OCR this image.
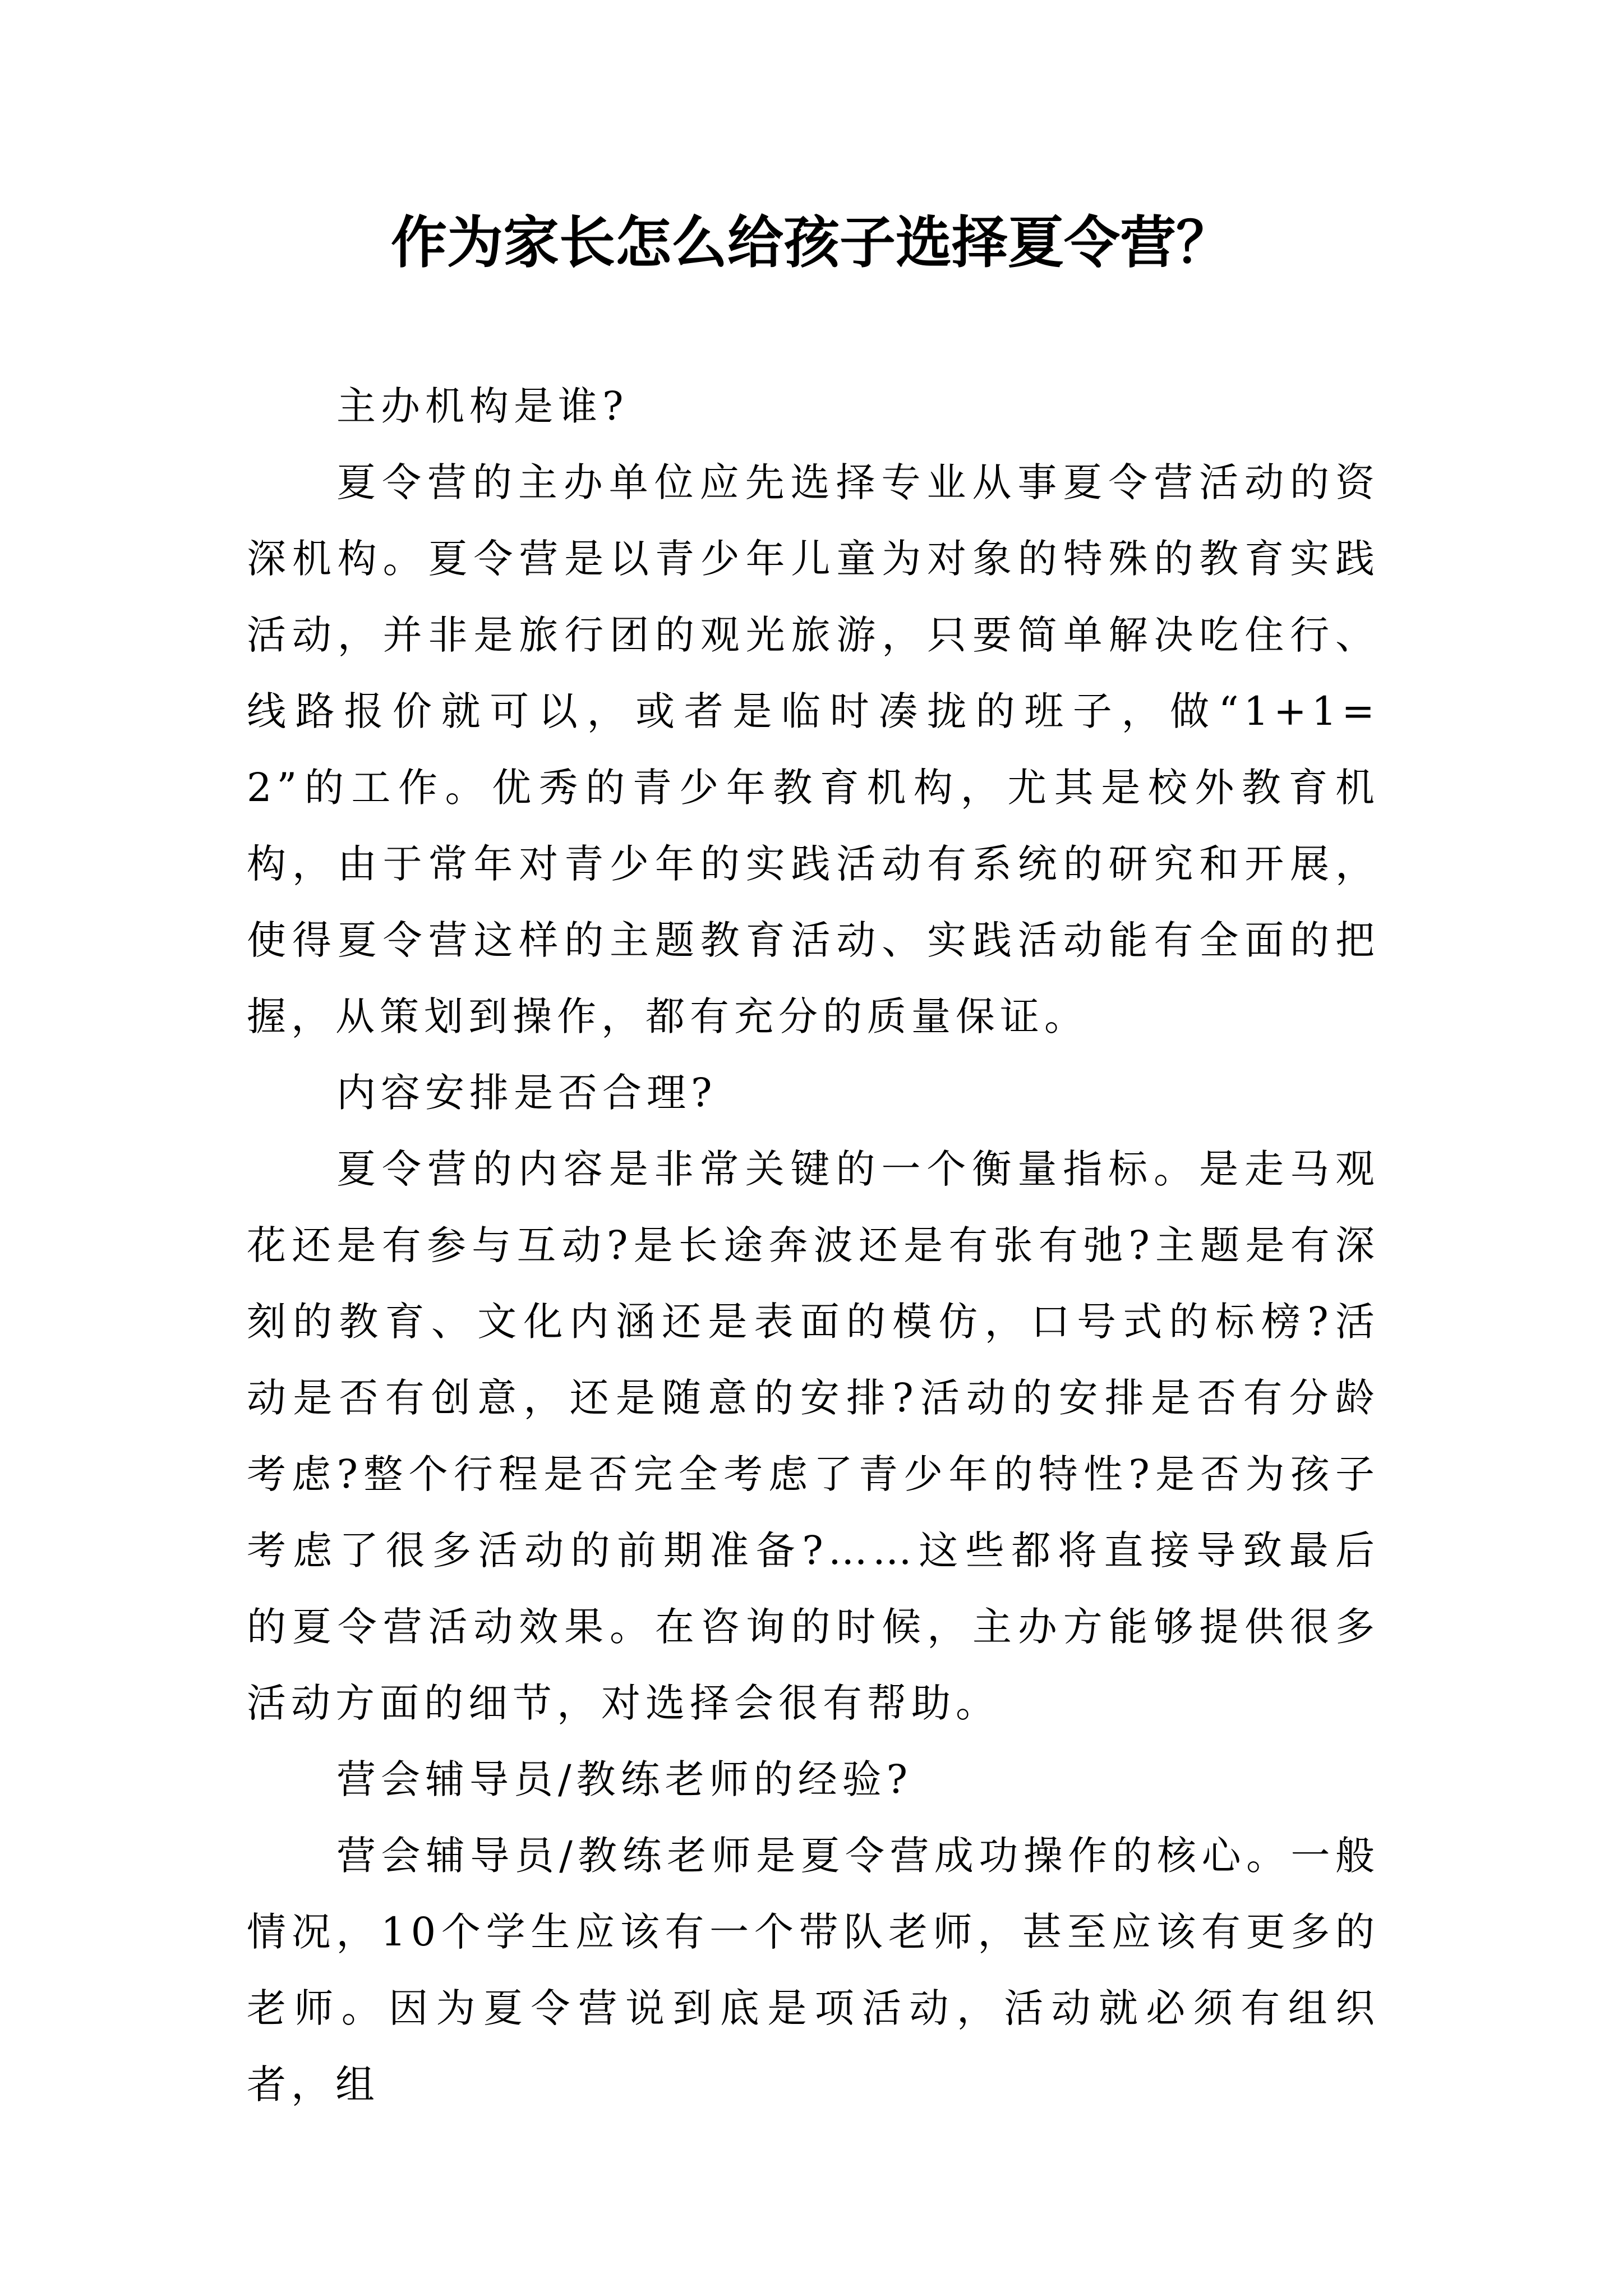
作为家长怎么给孩子选择夏令营？

主办机构是谁?

夏令营的主办单位应先选择专业从事夏令营活动的资深机构。夏令营是以青少年儿童为对象的特殊的教育实践活动，并非是旅行团的观光旅游，只要简单解决吃住行、线路报价就可以，或者是临时凑拢的班子，做“1+1=2”的工作。优秀的青少年教育机构，尤其是校外教育机构，由于常年对青少年的实践活动有系统的研究和开展，使得夏令营这样的主题教育活动、实践活动能有全面的把握，从策划到操作，都有充分的质量保证。

内容安排是否合理?

夏令营的内容是非常关键的一个衡量指标。是走马观花还是有参与互动?是长途奔波还是有张有弛?主题是有深刻的教育、文化内涵还是表面的模仿，口号式的标榜?活动是否有创意，还是随意的安排?活动的安排是否有分龄考虑?整个行程是否完全考虑了青少年的特性?是否为孩子考虑了很多活动的前期准备?……这些都将直接导致最后的夏令营活动效果。在咨询的时候，主办方能够提供很多活动方面的细节，对选择会很有帮助。

营会辅导员/教练老师的经验?

营会辅导员/教练老师是夏令营成功操作的核心。一般情况，10个学生应该有一个带队老师，甚至应该有更多的老师。因为夏令营说到底是项活动，活动就必须有组织者，组
